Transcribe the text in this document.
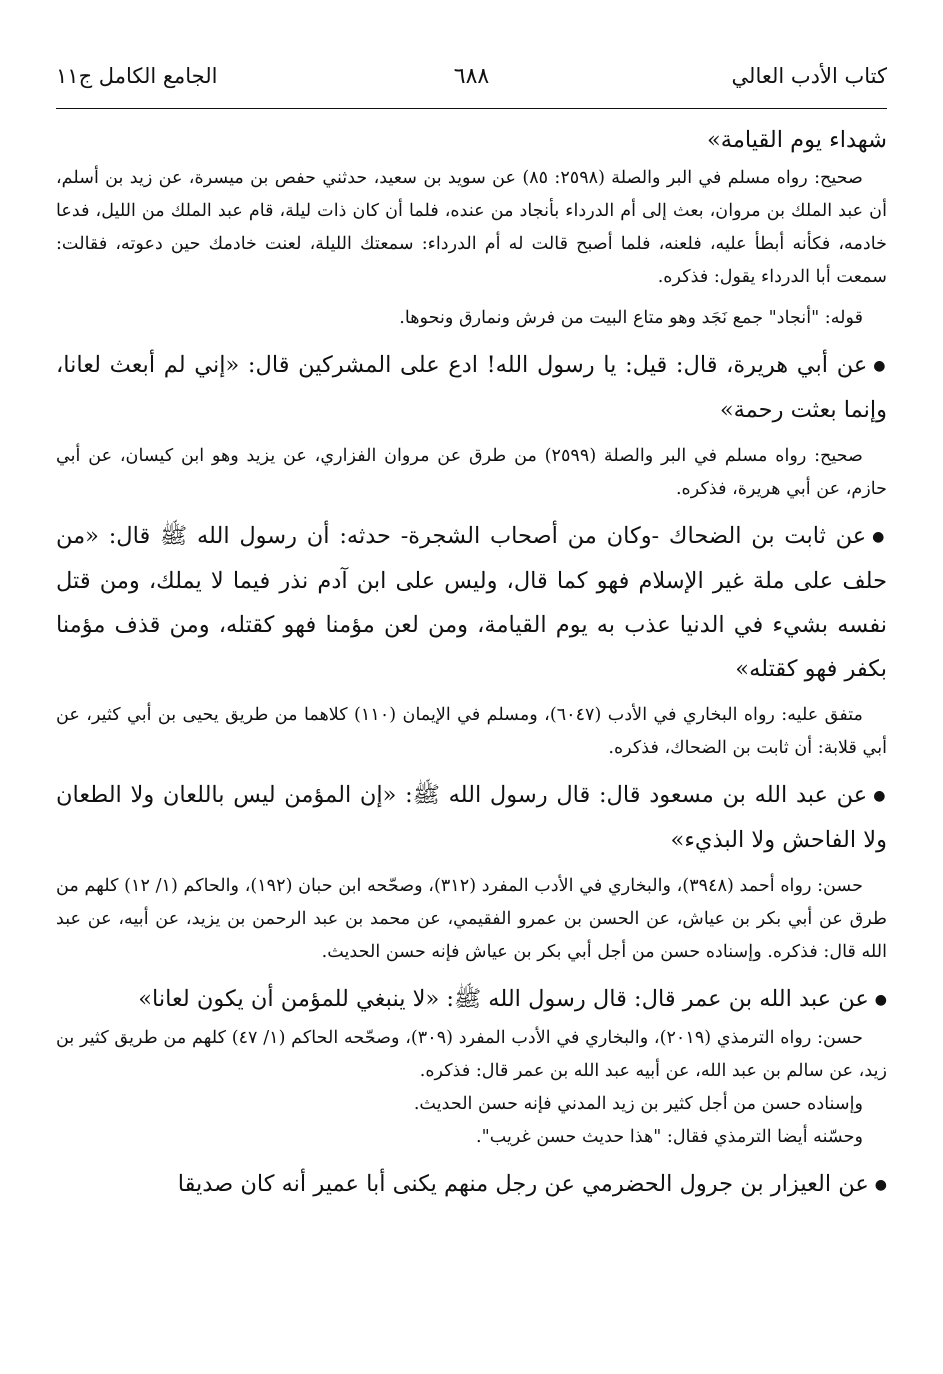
كتاب الأدب العالي
٦٨٨
الجامع الكامل ج١١

شهداء يوم القيامة»

صحيح: رواه مسلم في البر والصلة (٢٥٩٨: ٨٥) عن سويد بن سعيد، حدثني حفص بن ميسرة، عن زيد بن أسلم، أن عبد الملك بن مروان، بعث إلى أم الدرداء بأنجاد من عنده، فلما أن كان ذات ليلة، قام عبد الملك من الليل، فدعا خادمه، فكأنه أبطأ عليه، فلعنه، فلما أصبح قالت له أم الدرداء: سمعتك الليلة، لعنت خادمك حين دعوته، فقالت: سمعت أبا الدرداء يقول: فذكره.

قوله: "أنجاد" جمع نَجَد وهو متاع البيت من فرش ونمارق ونحوها.

●عن أبي هريرة، قال: قيل: يا رسول الله! ادع على المشركين قال: «إني لم أبعث لعانا، وإنما بعثت رحمة»

صحيح: رواه مسلم في البر والصلة (٢٥٩٩) من طرق عن مروان الفزاري، عن يزيد وهو ابن كيسان، عن أبي حازم، عن أبي هريرة، فذكره.

●عن ثابت بن الضحاك -وكان من أصحاب الشجرة- حدثه: أن رسول الله ﷺ قال: «من حلف على ملة غير الإسلام فهو كما قال، وليس على ابن آدم نذر فيما لا يملك، ومن قتل نفسه بشيء في الدنيا عذب به يوم القيامة، ومن لعن مؤمنا فهو كقتله، ومن قذف مؤمنا بكفر فهو كقتله»

متفق عليه: رواه البخاري في الأدب (٦٠٤٧)، ومسلم في الإيمان (١١٠) كلاهما من طريق يحيى بن أبي كثير، عن أبي قلابة: أن ثابت بن الضحاك، فذكره.

●عن عبد الله بن مسعود قال: قال رسول الله ﷺ: «إن المؤمن ليس باللعان ولا الطعان ولا الفاحش ولا البذيء»

حسن: رواه أحمد (٣٩٤٨)، والبخاري في الأدب المفرد (٣١٢)، وصحّحه ابن حبان (١٩٢)، والحاكم (١/ ١٢) كلهم من طرق عن أبي بكر بن عياش، عن الحسن بن عمرو الفقيمي، عن محمد بن عبد الرحمن بن يزيد، عن أبيه، عن عبد الله قال: فذكره. وإسناده حسن من أجل أبي بكر بن عياش فإنه حسن الحديث.

●عن عبد الله بن عمر قال: قال رسول الله ﷺ: «لا ينبغي للمؤمن أن يكون لعانا»

حسن: رواه الترمذي (٢٠١٩)، والبخاري في الأدب المفرد (٣٠٩)، وصحّحه الحاكم (١/ ٤٧) كلهم من طريق كثير بن زيد، عن سالم بن عبد الله، عن أبيه عبد الله بن عمر قال: فذكره.

وإسناده حسن من أجل كثير بن زيد المدني فإنه حسن الحديث.

وحسّنه أيضا الترمذي فقال: "هذا حديث حسن غريب".

●عن العيزار بن جرول الحضرمي عن رجل منهم يكنى أبا عمير أنه كان صديقا
